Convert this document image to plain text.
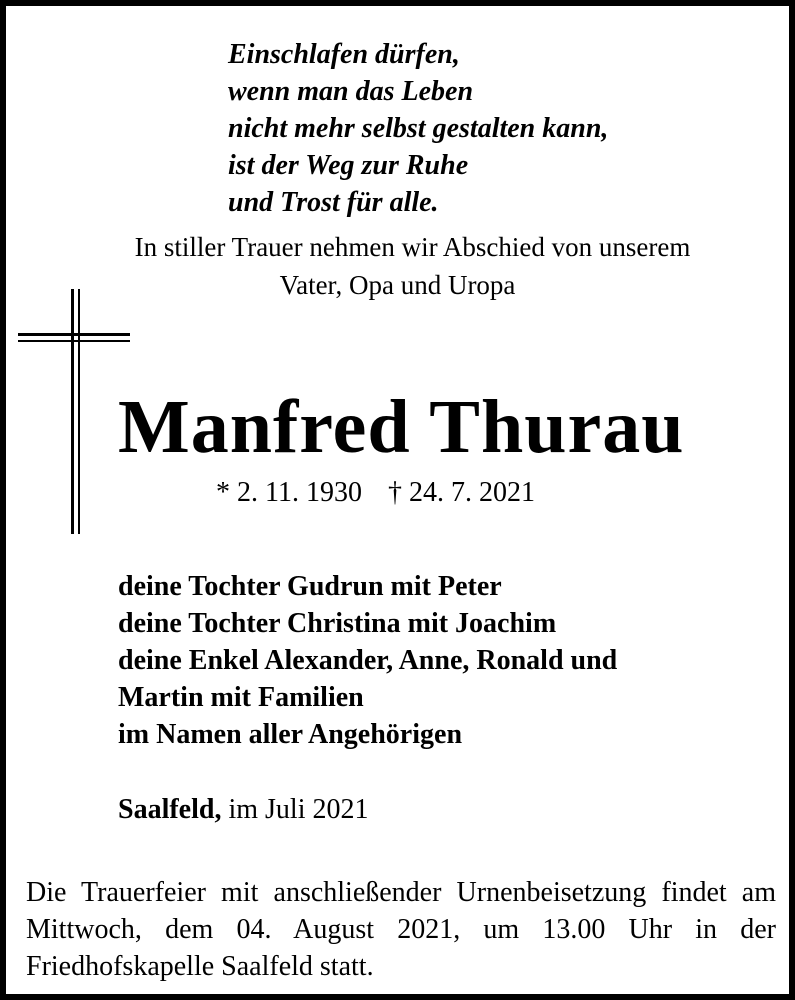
Einschlafen dürfen,
wenn man das Leben
nicht mehr selbst gestalten kann,
ist der Weg zur Ruhe
und Trost für alle.
In stiller Trauer nehmen wir Abschied von unserem
Vater, Opa und Uropa
Manfred Thurau
* 2. 11. 1930 † 24. 7. 2021
deine Tochter Gudrun mit Peter
deine Tochter Christina mit Joachim
deine Enkel Alexander, Anne, Ronald und
Martin mit Familien
im Namen aller Angehörigen
Saalfeld, im Juli 2021
Die Trauerfeier mit anschließender Urnenbeisetzung findet am Mittwoch, dem 04. August 2021, um 13.00 Uhr in der Friedhofskapelle Saalfeld statt.
